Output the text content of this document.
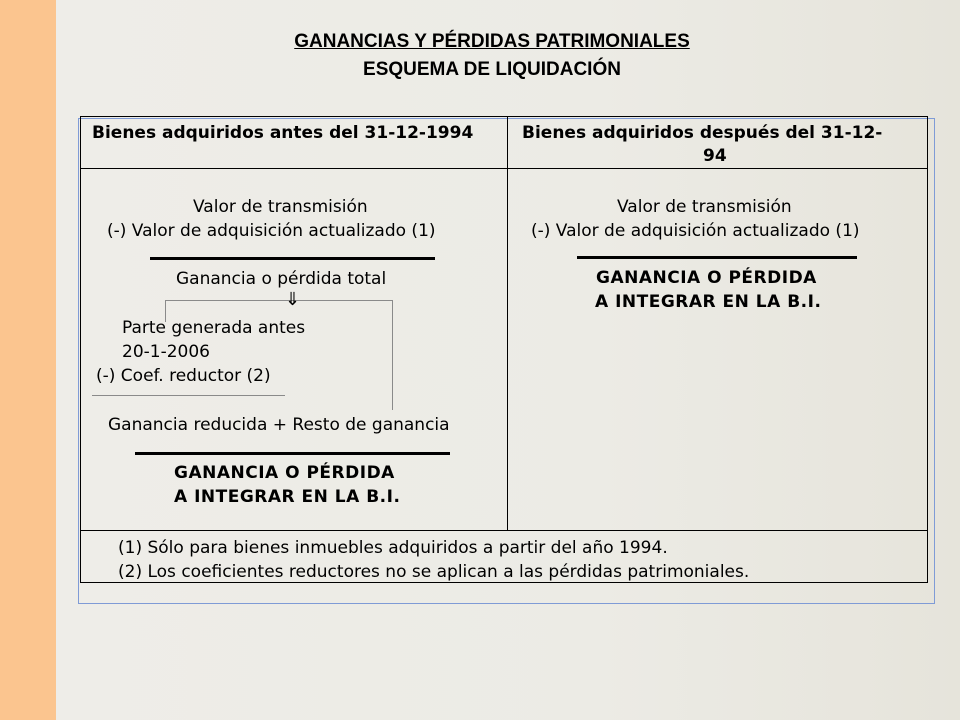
GANANCIAS Y PÉRDIDAS PATRIMONIALES
ESQUEMA DE LIQUIDACIÓN
Bienes adquiridos antes del 31-12-1994	Bienes adquiridos después del 31-12-
94
Valor de transmisión
(-) Valor de adquisición actualizado (1)
Ganancia o pérdida total
⇓
Parte generada antes
20-1-2006
(-) Coef. reductor (2)
Ganancia reducida + Resto de ganancia
GANANCIA O PÉRDIDA
A INTEGRAR EN LA B.I.
Valor de transmisión
(-) Valor de adquisición actualizado (1)
GANANCIA O PÉRDIDA
A INTEGRAR EN LA B.I.
(1) Sólo para bienes inmuebles adquiridos a partir del año 1994.
(2) Los coeficientes reductores no se aplican a las pérdidas patrimoniales.
